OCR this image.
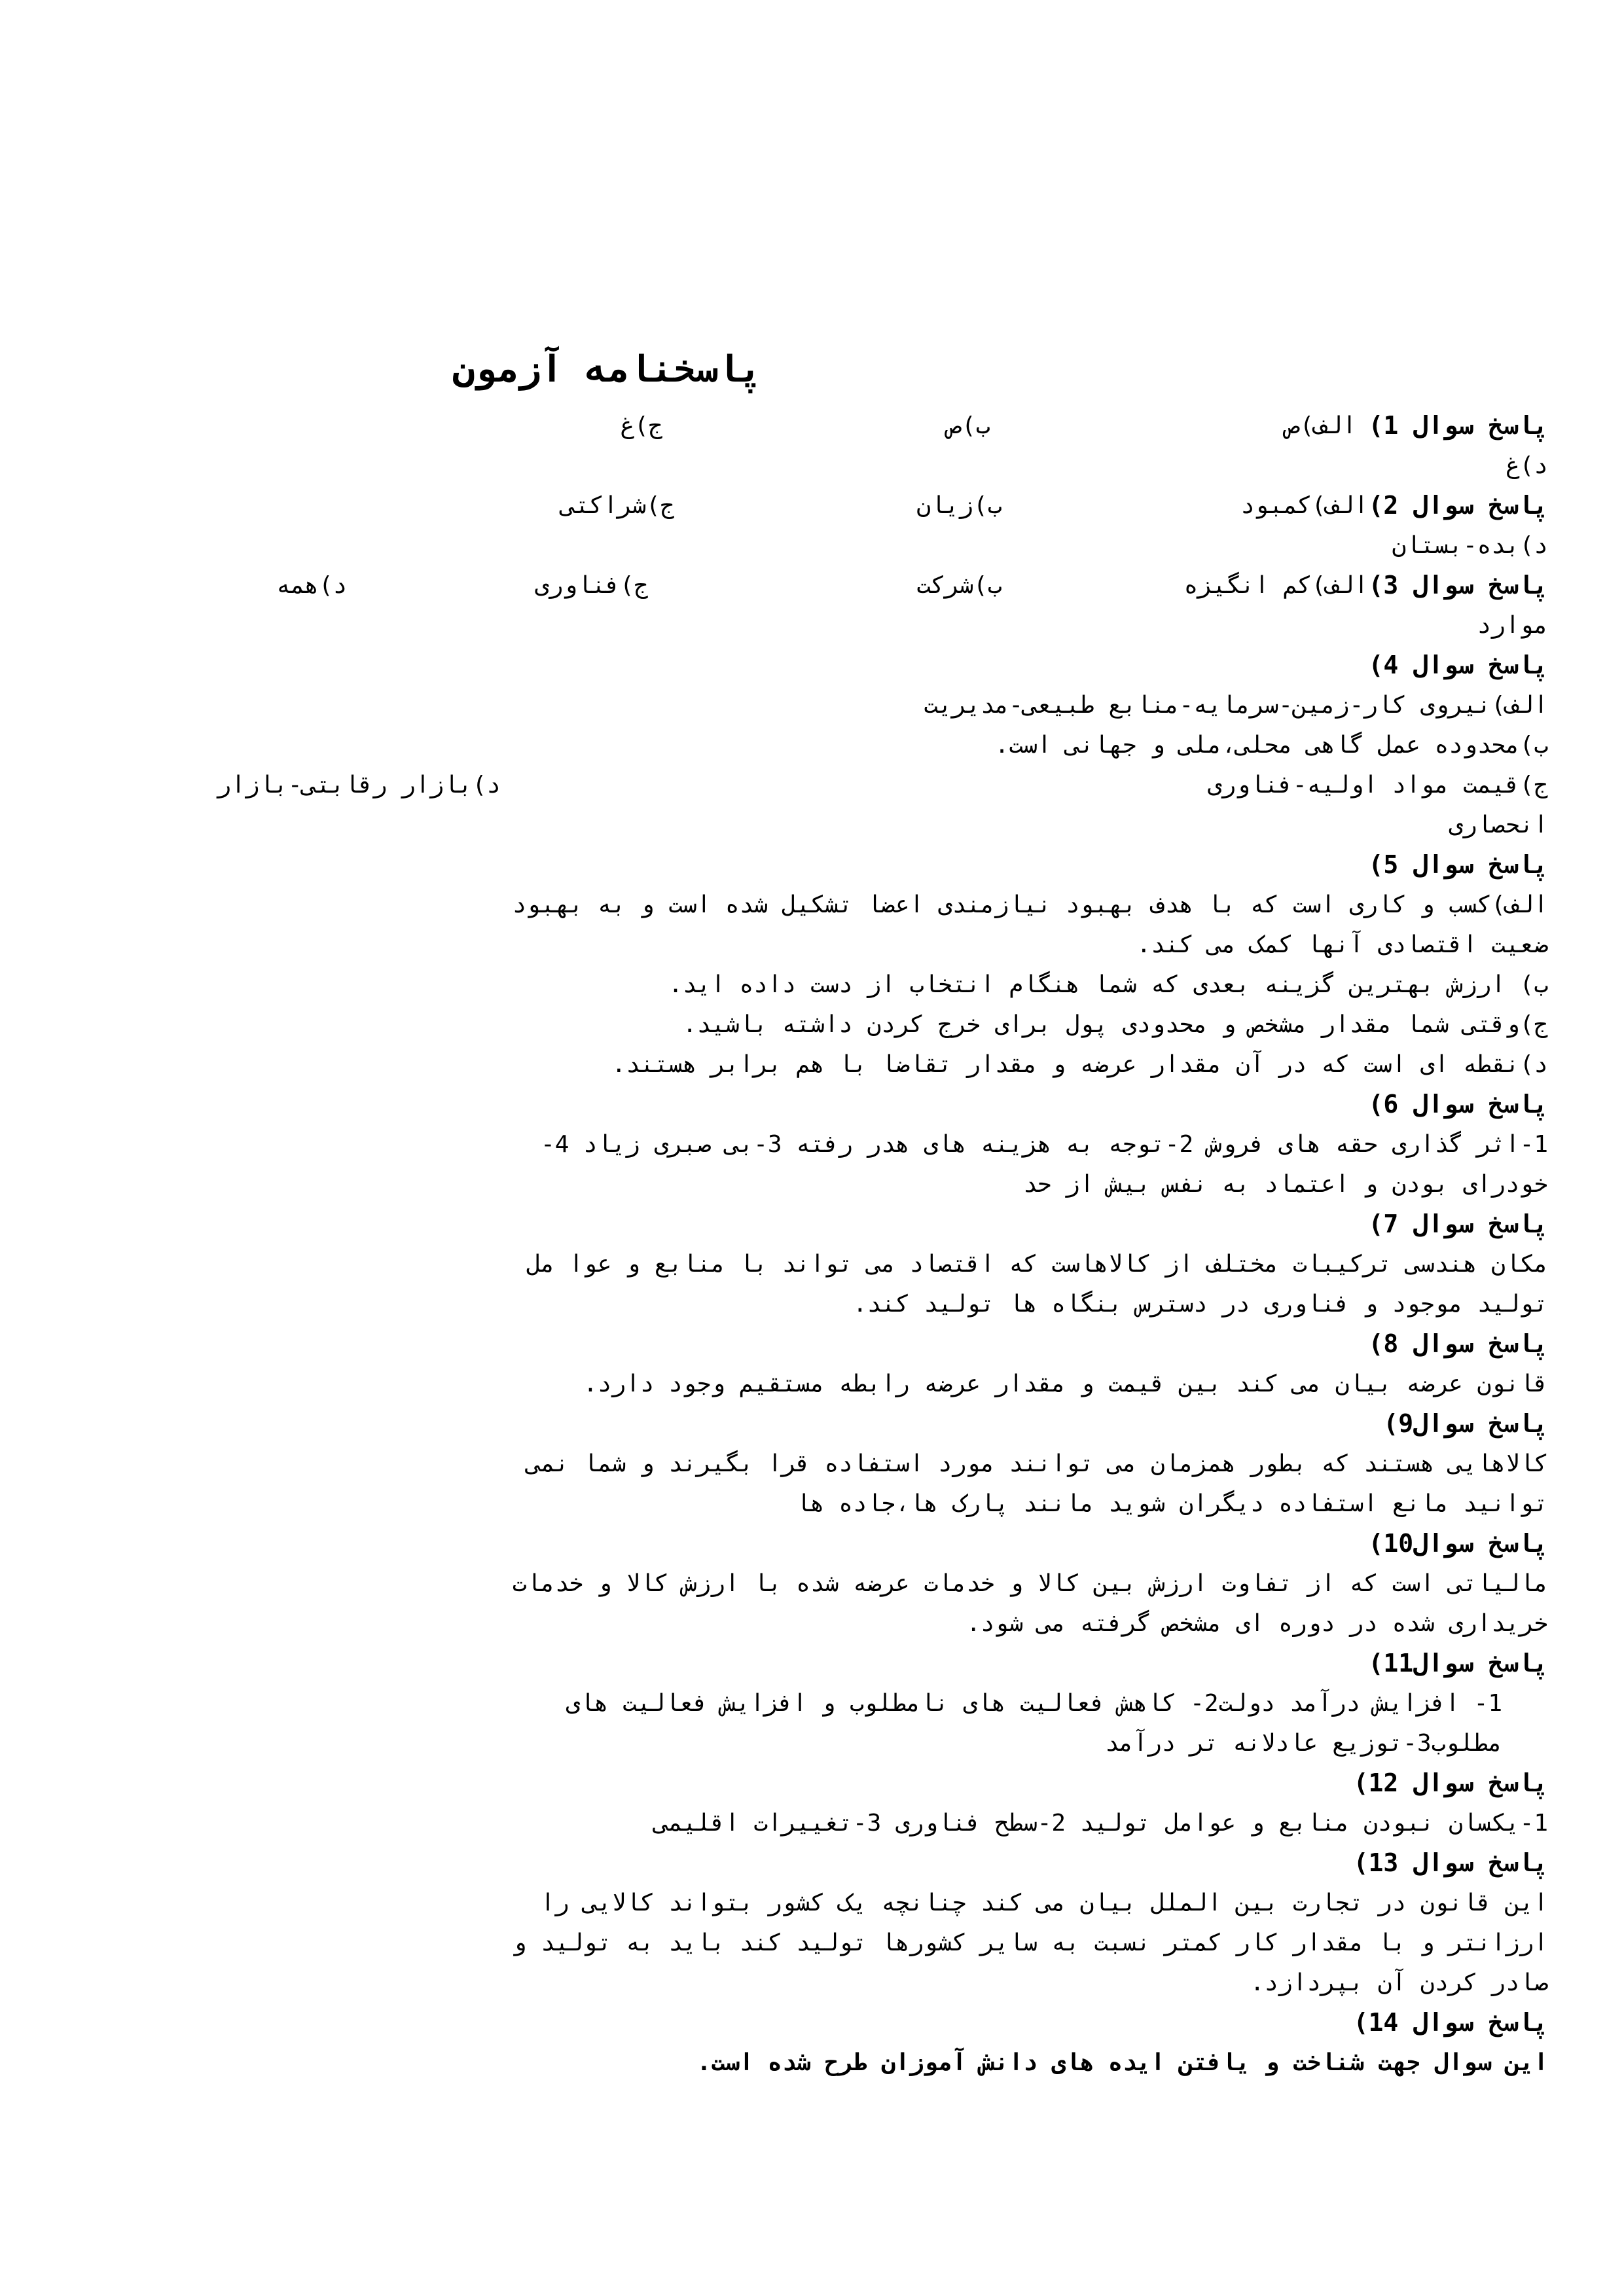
پاسخنامه آزمون
پاسخ سوال 1)
الف)ص
ب)ص
ج)غ
د)غ
پاسخ سوال 2)
الف)کمبود
ب)زیان
ج)شراکتی
د)بده-بستان
پاسخ سوال 3)
الف)کم انگیزه
ب)شرکت
ج)فناوری
د)همه
موارد
پاسخ سوال 4)
الف)نیروی کار-زمین-سرمایه-منابع طبیعی-مدیریت
ب)محدوده عمل گاهی محلی،ملی و جهانی است.
ج)قیمت مواد اولیه-فناوری
د)بازار رقابتی-بازار
انحصاری
پاسخ سوال 5)
الف)کسب و کاری است که با هدف بهبود نیازمندی اعضا تشکیل شده است و به بهبود
ضعیت اقتصادی آنها کمک می کند.
ب) ارزش بهترین گزینه بعدی که شما هنگام انتخاب از دست داده اید.
ج)وقتی شما مقدار مشخص و محدودی پول برای خرج کردن داشته باشید.
د)نقطه ای است که در آن مقدار عرضه و مقدار تقاضا با هم برابر هستند.
پاسخ سوال 6)
1-اثر گذاری حقه های فروش 2-توجه به هزینه های هدر رفته 3-بی صبری زیاد 4-
خودرای بودن و اعتماد به نفس بیش از حد
پاسخ سوال 7)
مکان هندسی ترکیبات مختلف از کالاهاست که اقتصاد می تواند با منابع و عوا مل
تولید موجود و فناوری در دسترس بنگاه ها تولید کند.
پاسخ سوال 8)
قانون عرضه بیان می کند بین قیمت و مقدار عرضه رابطه مستقیم وجود دارد.
پاسخ سوال9)
کالاهایی هستند که بطور همزمان می توانند مورد استفاده قرا بگیرند و شما نمی
توانید مانع استفاده دیگران شوید مانند پارک ها،جاده ها
پاسخ سوال10)
مالیاتی است که از تفاوت ارزش بین کالا و خدمات عرضه شده با ارزش کالا و خدمات
خریداری شده در دوره ای مشخص گرفته می شود.
پاسخ سوال11)
1- افزایش درآمد دولت2- کاهش فعالیت های نامطلوب و افزایش فعالیت های
مطلوب3-توزیع عادلانه تر درآمد
پاسخ سوال 12)
1-یکسان نبودن منابع و عوامل تولید 2-سطح فناوری 3-تغییرات اقلیمی
پاسخ سوال 13)
این قانون در تجارت بین الملل بیان می کند چنانچه یک کشور بتواند کالایی را
ارزانتر و با مقدار کار کمتر نسبت به سایر کشورها تولید کند باید به تولید و
صادر کردن آن بپردازد.
پاسخ سوال 14)
این سوال جهت شناخت و یافتن ایده های دانش آموزان طرح شده است.
